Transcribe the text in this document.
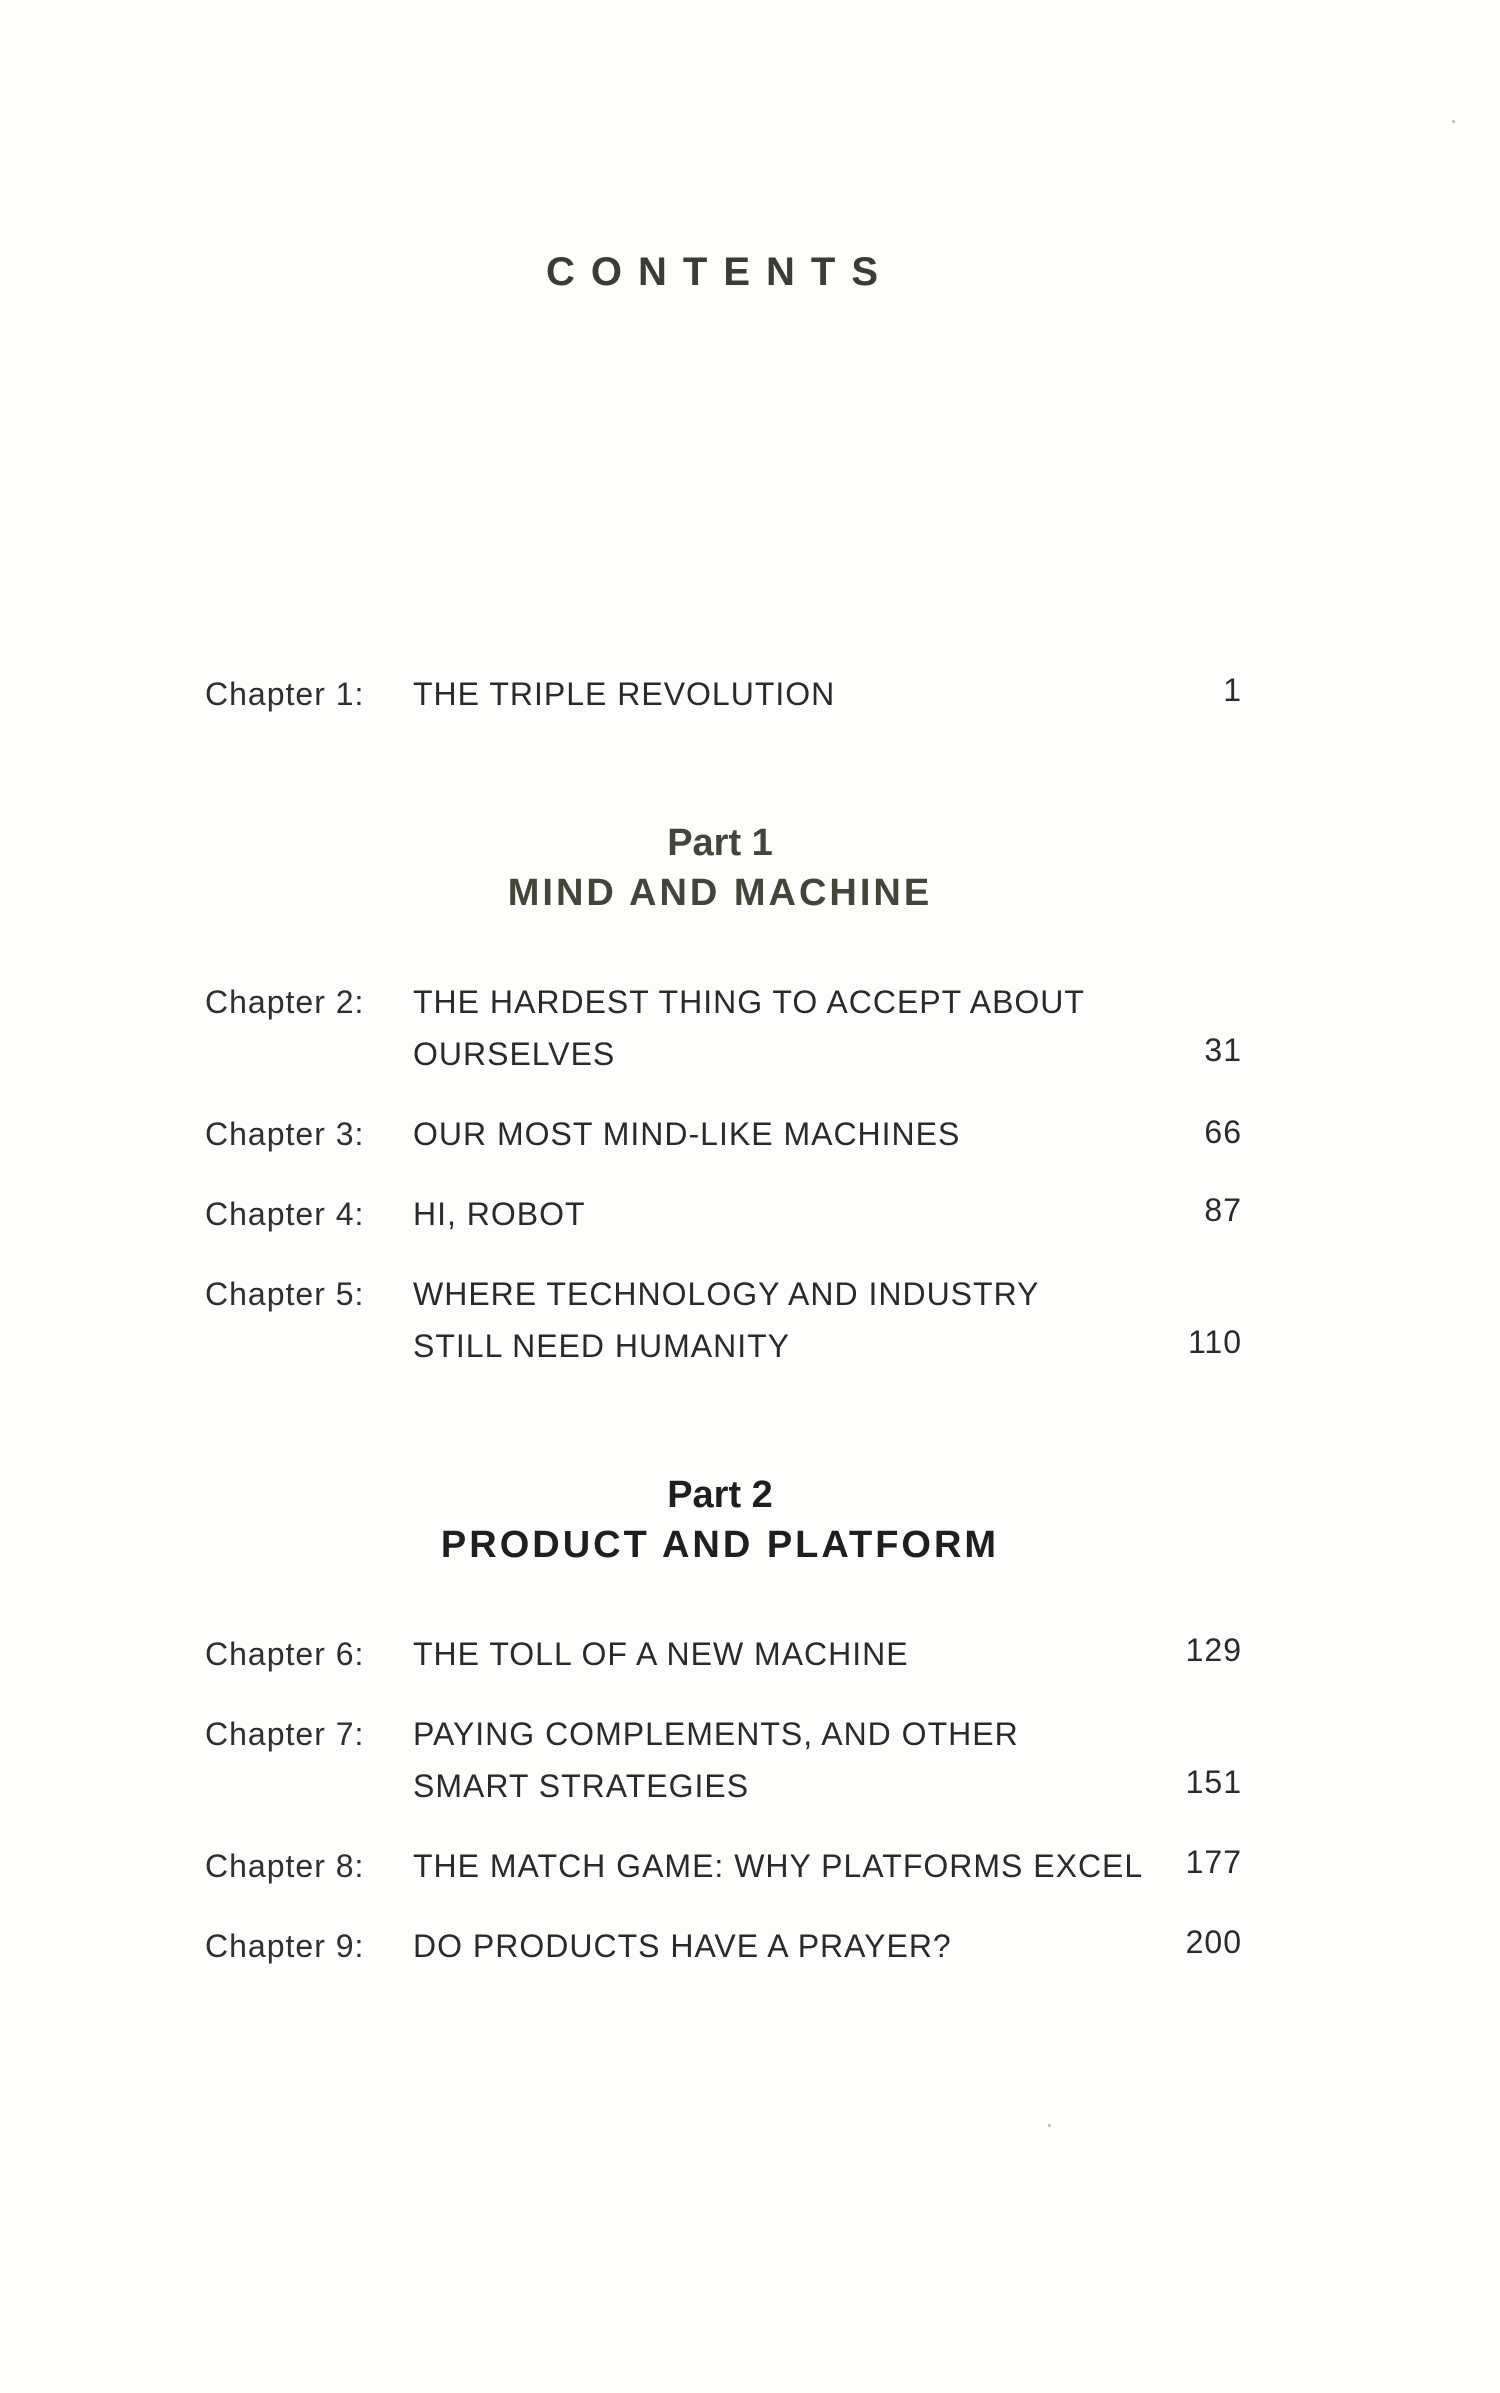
CONTENTS
Chapter 1: THE TRIPLE REVOLUTION	1
Part 1
MIND AND MACHINE
Chapter 2: THE HARDEST THING TO ACCEPT ABOUT
OURSELVES	31
Chapter 3: OUR MOST MIND-LIKE MACHINES	66
Chapter 4: HI, ROBOT	87
Chapter 5: WHERE TECHNOLOGY AND INDUSTRY
STILL NEED HUMANITY	110
Part 2
PRODUCT AND PLATFORM
Chapter 6: THE TOLL OF A NEW MACHINE	129
Chapter 7: PAYING COMPLEMENTS, AND OTHER
SMART STRATEGIES	151
Chapter 8: THE MATCH GAME: WHY PLATFORMS EXCEL	177
Chapter 9: DO PRODUCTS HAVE A PRAYER?	200
